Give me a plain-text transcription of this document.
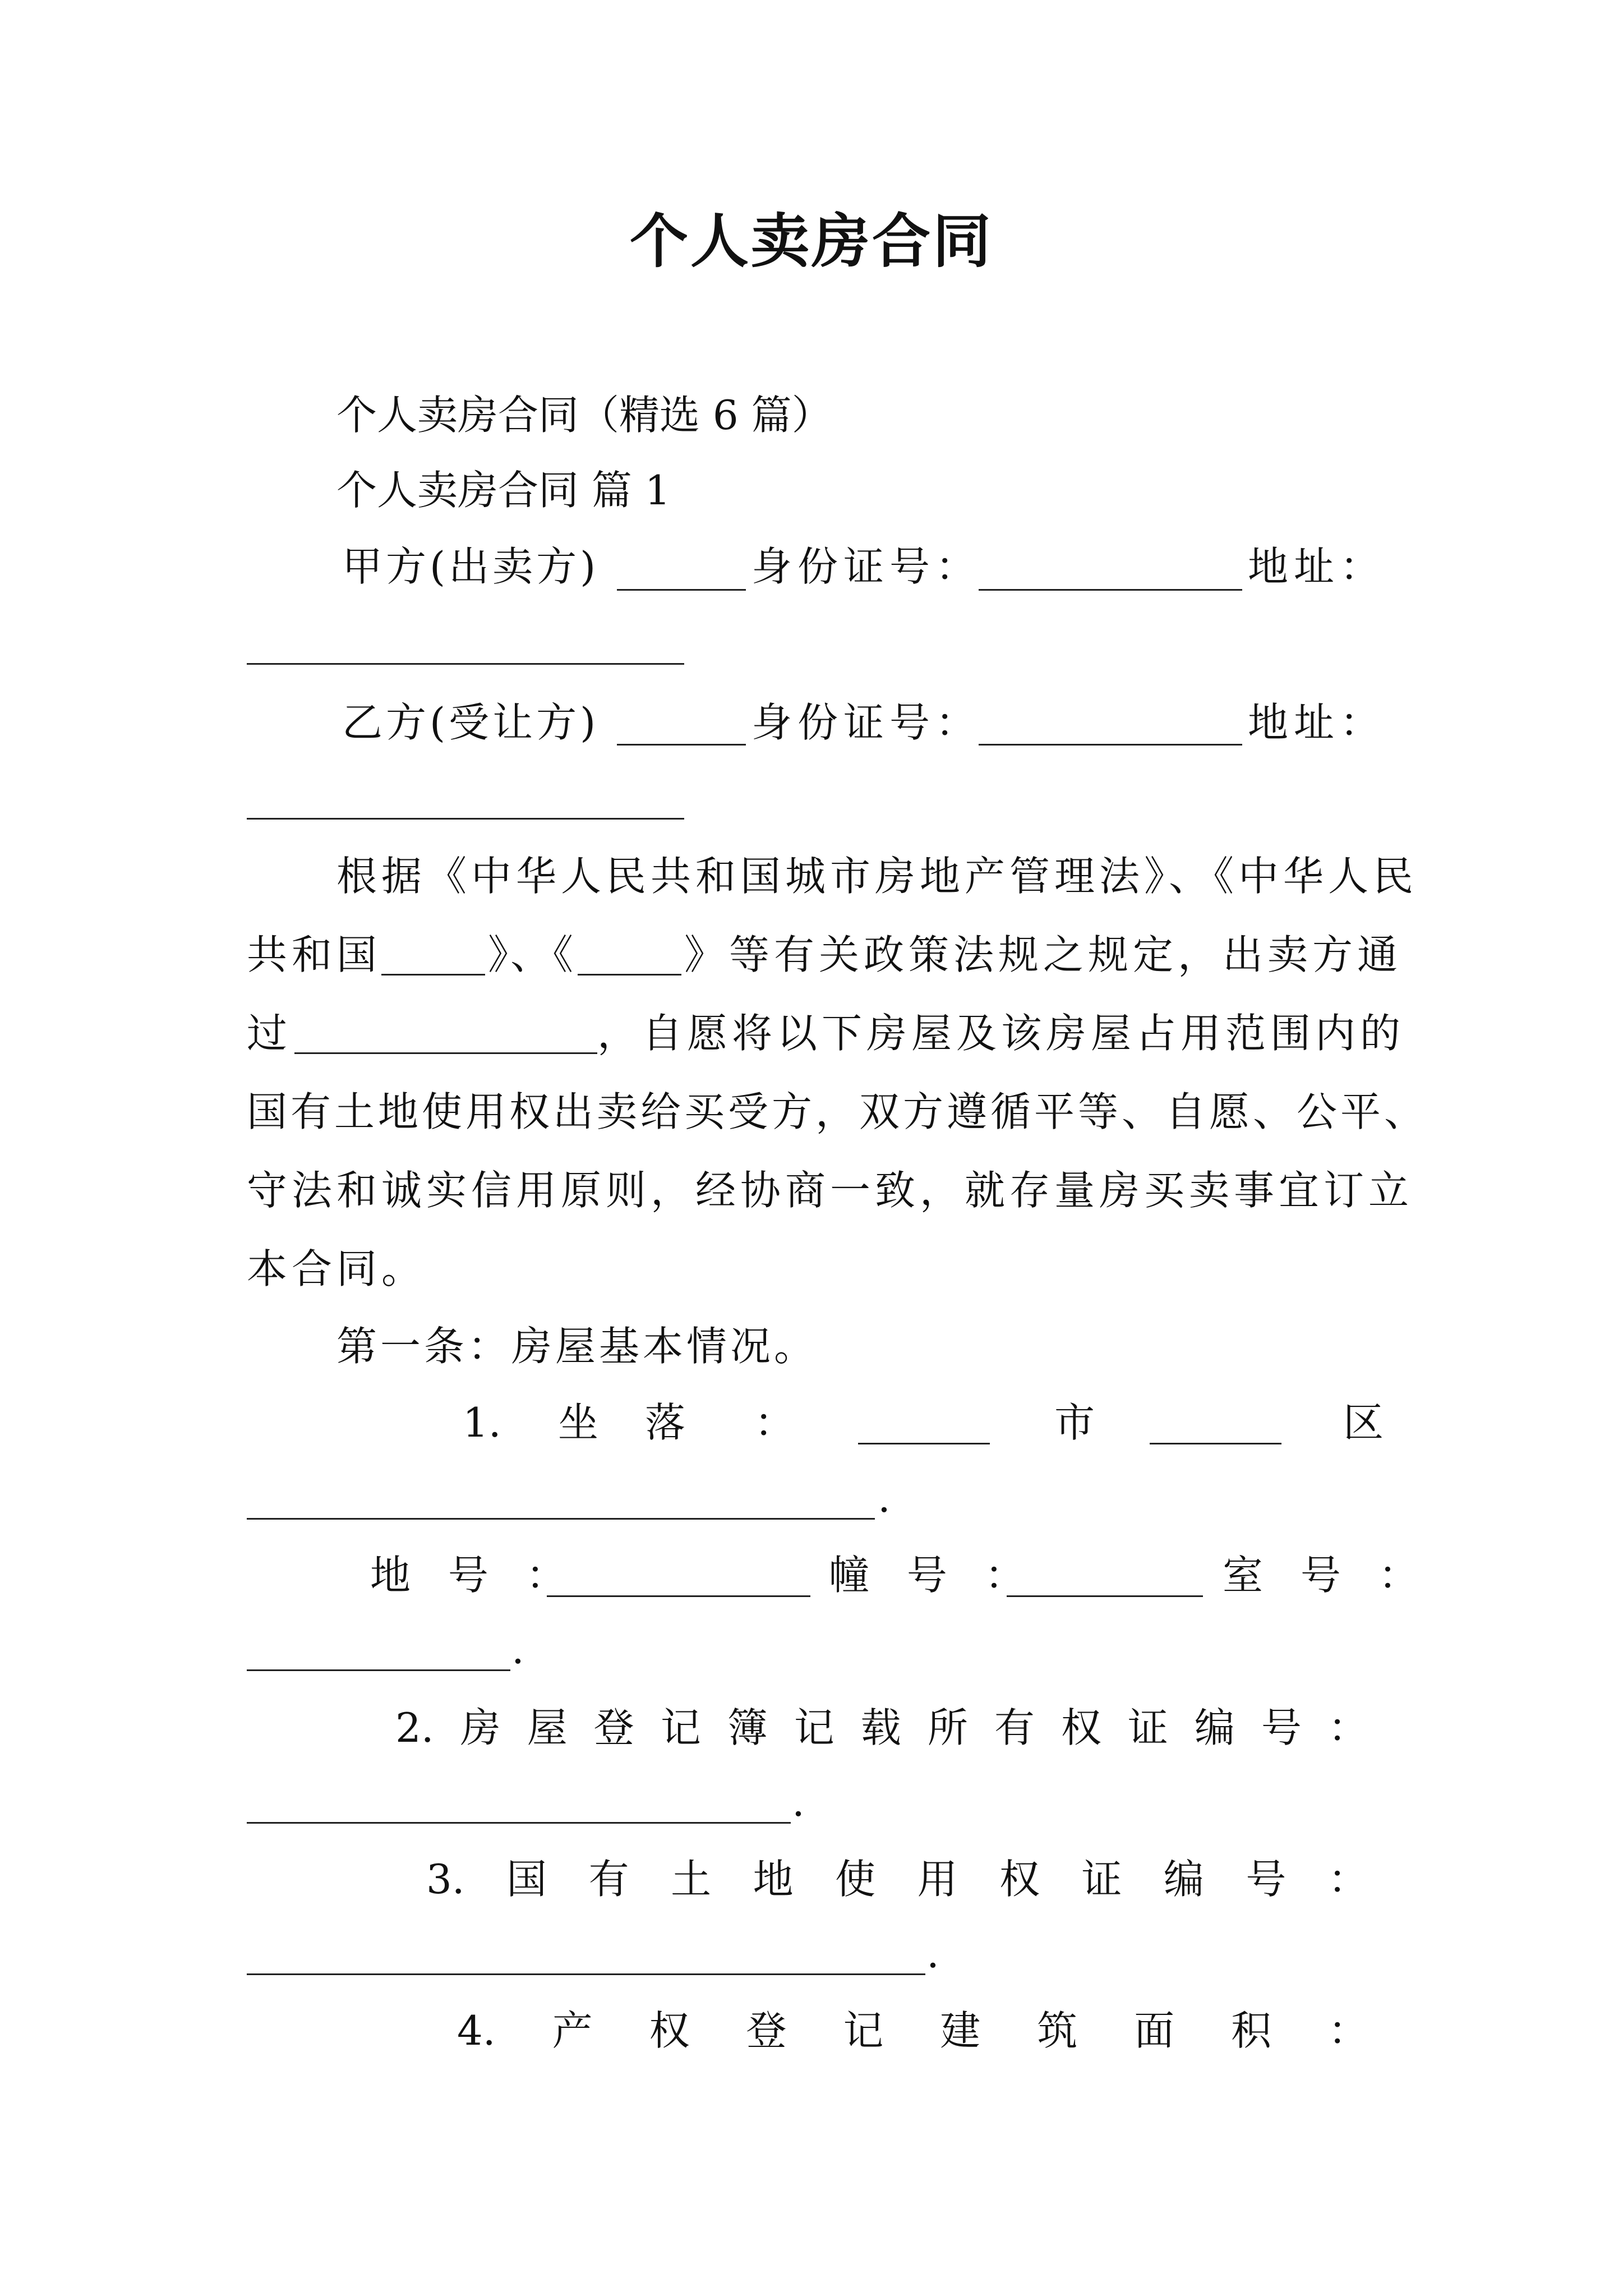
个人卖房合同
个人卖房合同（精选 6 篇）
个人卖房合同 篇 1
甲方(出卖方)	身份证号：	地址：
乙方(受让方)	身份证号：	地址：
根据《中华人民共和国城市房地产管理法》、《中华人民
共和国	》、《	》等有关政策法规之规定，出卖方通
过	，自愿将以下房屋及该房屋占用范围内的
国有土地使用权出卖给买受方，双方遵循平等、自愿、公平、
守法和诚实信用原则，经协商一致，就存量房买卖事宜订立
本合同。
第一条：房屋基本情况。
1. 坐 落 ：	市	区
.
地 号 ：	幢 号 ：	室 号 ：
.
2. 房 屋 登 记 簿 记 载 所 有 权 证 编 号 ：
.
3. 国 有 土 地 使 用 权 证 编 号 ：
.
4. 产 权 登 记 建 筑 面 积 ：
